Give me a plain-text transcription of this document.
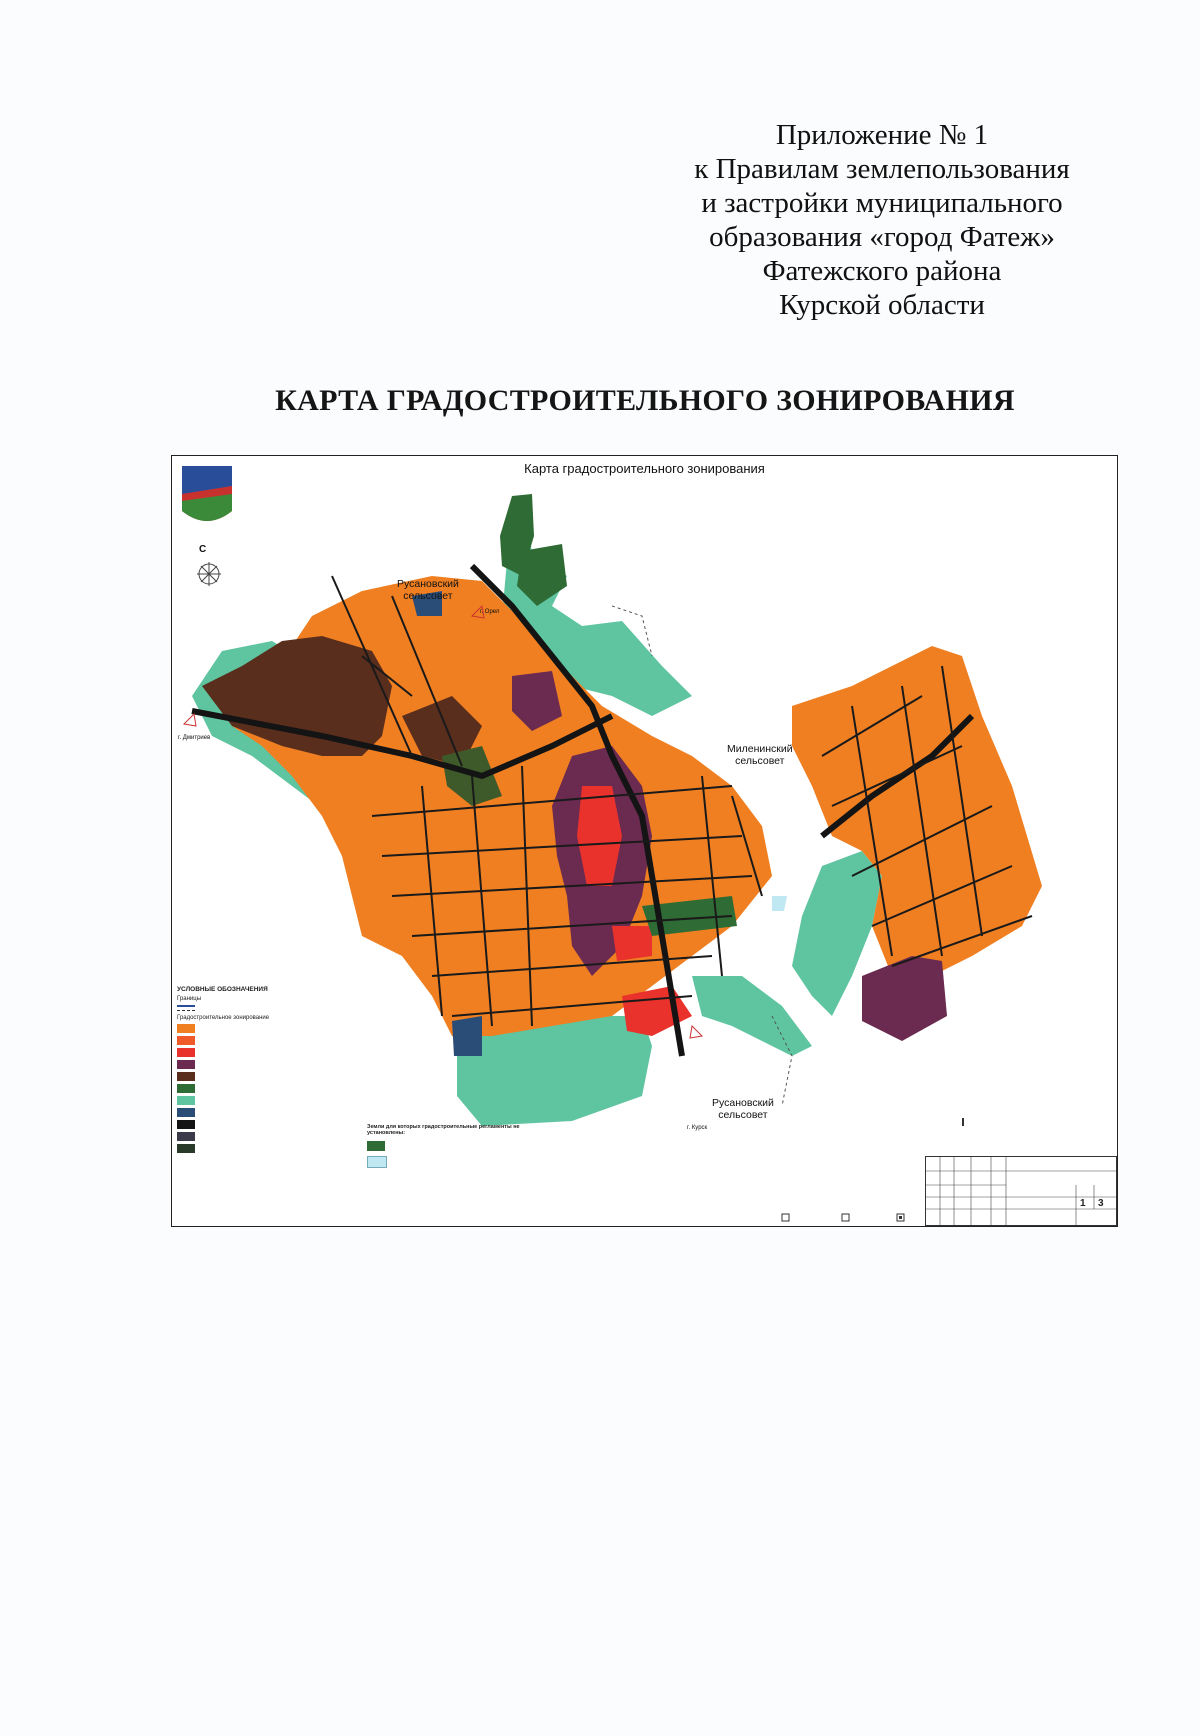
Приложение № 1
к Правилам землепользования
и застройки муниципального
образования «город Фатеж»
Фатежского района
Курской области
КАРТА ГРАДОСТРОИТЕЛЬНОГО ЗОНИРОВАНИЯ
Карта градостроительного зонирования
С
Русановский
сельсовет
Миленинский
сельсовет
Русановский
сельсовет
г. Орел
г. Дмитриев
г. Курск
УСЛОВНЫЕ ОБОЗНАЧЕНИЯ
Границы
Градостроительное зонирование
Земли для которых градостроительные регламенты не установлены:
1 3
